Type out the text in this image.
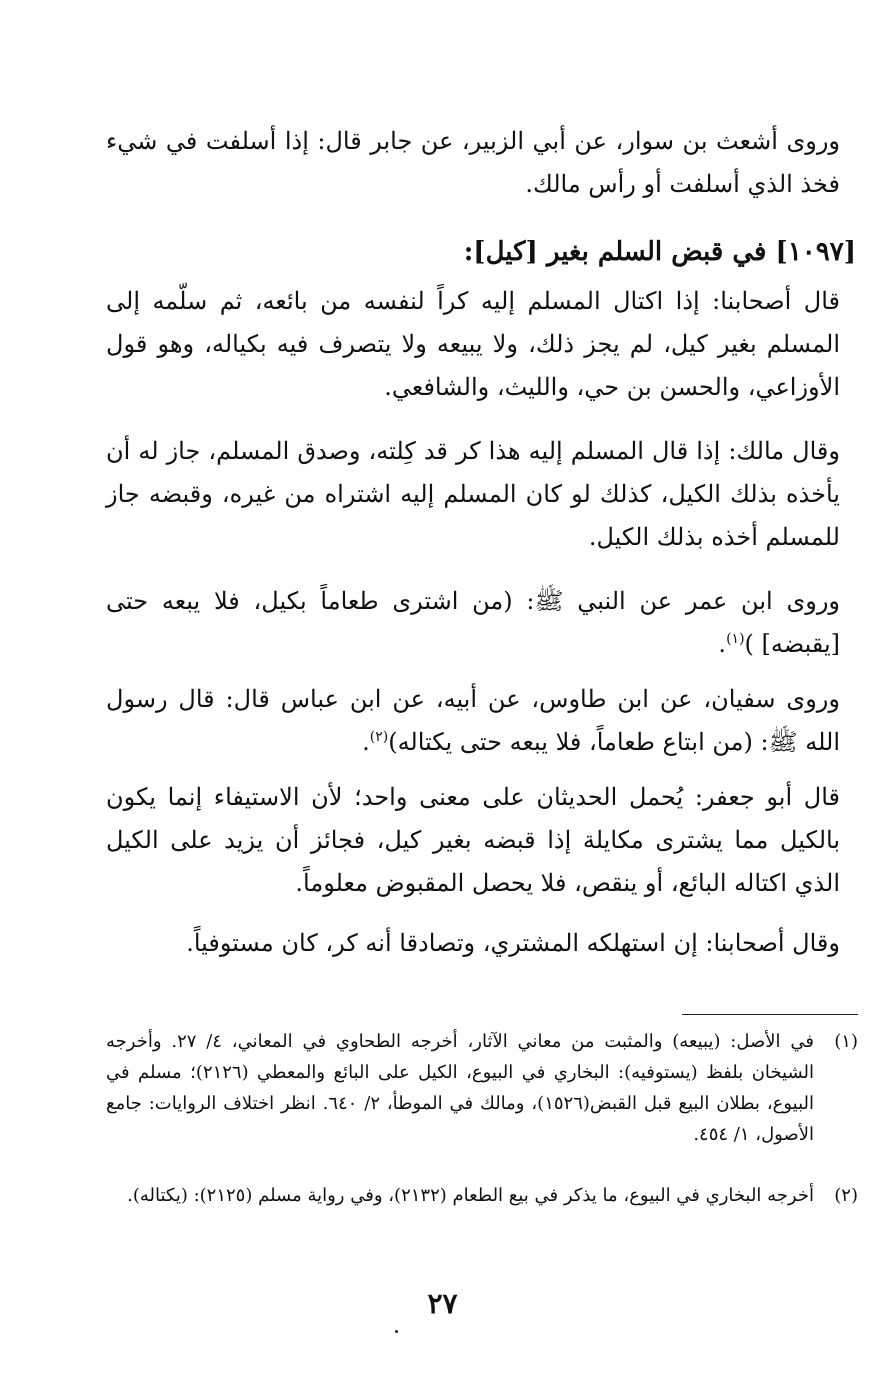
وروى أشعث بن سوار، عن أبي الزبير، عن جابر قال: إذا أسلفت في شيء فخذ الذي أسلفت أو رأس مالك.

[١٠٩٧] في قبض السلم بغير [كيل]:

قال أصحابنا: إذا اكتال المسلم إليه كراً لنفسه من بائعه، ثم سلّمه إلى المسلم بغير كيل، لم يجز ذلك، ولا يبيعه ولا يتصرف فيه بكياله، وهو قول الأوزاعي، والحسن بن حي، والليث، والشافعي.

وقال مالك: إذا قال المسلم إليه هذا كر قد كِلته، وصدق المسلم، جاز له أن يأخذه بذلك الكيل، كذلك لو كان المسلم إليه اشتراه من غيره، وقبضه جاز للمسلم أخذه بذلك الكيل.

وروى ابن عمر عن النبي ﷺ: (من اشترى طعاماً بكيل، فلا يبعه حتى [يقبضه] )$^{(١)}$.

وروى سفيان، عن ابن طاوس، عن أبيه، عن ابن عباس قال: قال رسول الله ﷺ: (من ابتاع طعاماً، فلا يبعه حتى يكتاله)$^{(٢)}$.

قال أبو جعفر: يُحمل الحديثان على معنى واحد؛ لأن الاستيفاء إنما يكون بالكيل مما يشترى مكايلة إذا قبضه بغير كيل، فجائز أن يزيد على الكيل الذي اكتاله البائع، أو ينقص، فلا يحصل المقبوض معلوماً.

وقال أصحابنا: إن استهلكه المشتري، وتصادقا أنه كر، كان مستوفياً.

(١)
في الأصل: (يبيعه) والمثبت من معاني الآثار، أخرجه الطحاوي في المعاني، ٤/ ٢٧. وأخرجه الشيخان بلفظ (يستوفيه): البخاري في البيوع، الكيل على البائع والمعطي (٢١٢٦)؛ مسلم في البيوع، بطلان البيع قبل القبض(١٥٢٦)، ومالك في الموطأ، ٢/ ٦٤٠. انظر اختلاف الروايات: جامع الأصول، ١/ ٤٥٤.
(٢)
أخرجه البخاري في البيوع، ما يذكر في بيع الطعام (٢١٣٢)، وفي رواية مسلم (٢١٢٥): (يكتاله).
٢٧
